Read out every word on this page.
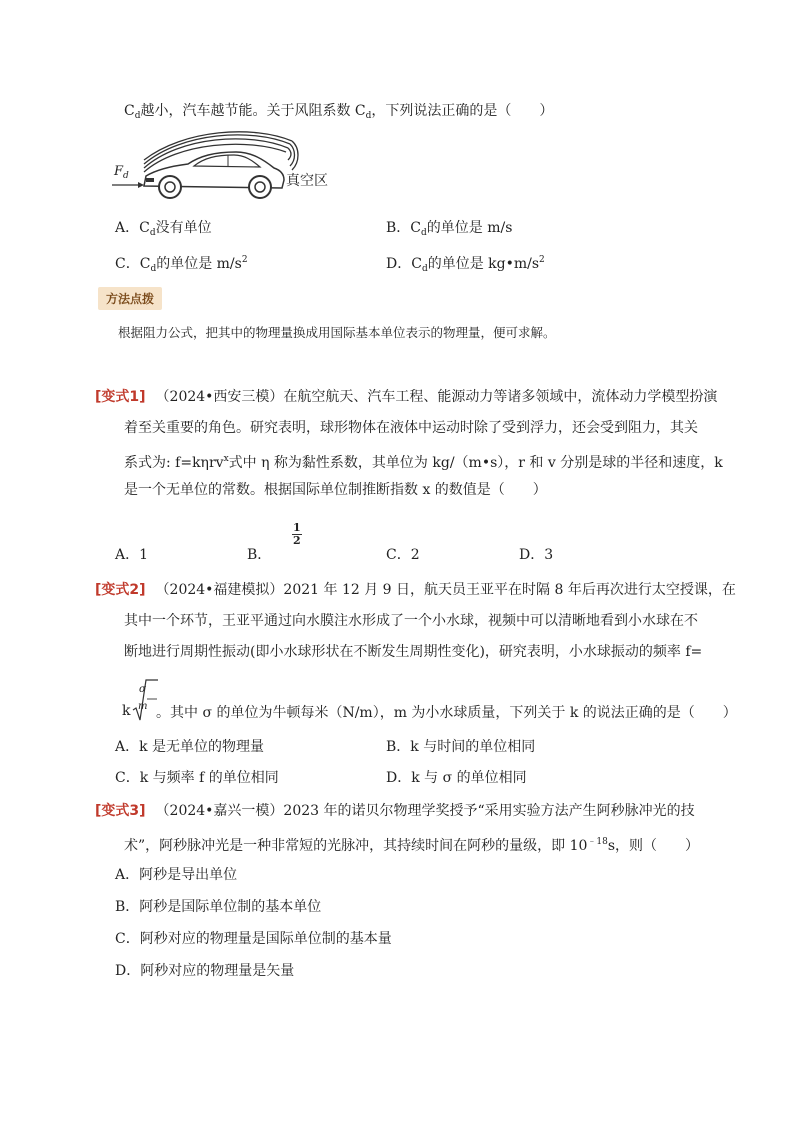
$C_d$越小，汽车越节能。关于风阻系数 $C_d$，下列说法正确的是（　　）
$F_d$	真空区
A．$C_d$没有单位	B．$C_d$的单位是 m/s
C．$C_d$的单位是 $m/s^2$	D．$C_d$的单位是 $kg•m/s^2$
方法点拨
根据阻力公式，把其中的物理量换成用国际基本单位表示的物理量，便可求解。
[变式1] （2024•西安三模）在航空航天、汽车工程、能源动力等诸多领域中，流体动力学模型扮演
着至关重要的角色。研究表明，球形物体在液体中运动时除了受到浮力，还会受到阻力，其关
系式为: f=kηrv$^x$式中 η 称为黏性系数，其单位为 kg/（m•s），r 和 v 分别是球的半径和速度，k
是一个无单位的常数。根据国际单位制推断指数 x 的数值是（　　）
A．1	B．
$\frac{1}{2}$
C．2	D．3
[变式2] （2024•福建模拟）2021 年 12 月 9 日，航天员王亚平在时隔 8 年后再次进行太空授课，在
其中一个环节，王亚平通过向水膜注水形成了一个小水球，视频中可以清晰地看到小水球在不
断地进行周期性振动(即小水球形状在不断发生周期性变化)，研究表明，小水球振动的频率 f=
k
σ
m 。其中 σ 的单位为牛顿每米（N/m），m 为小水球质量，下列关于 k 的说法正确的是（　　）
A．k 是无单位的物理量	B．k 与时间的单位相同
C．k 与频率 f 的单位相同	D．k 与 σ 的单位相同
[变式3] （2024•嘉兴一模）2023 年的诺贝尔物理学奖授予“采用实验方法产生阿秒脉冲光的技
术”，阿秒脉冲光是一种非常短的光脉冲，其持续时间在阿秒的量级，即 $10^{﹣18}s$，则（　　）
A．阿秒是导出单位
B．阿秒是国际单位制的基本单位
C．阿秒对应的物理量是国际单位制的基本量
D．阿秒对应的物理量是矢量
